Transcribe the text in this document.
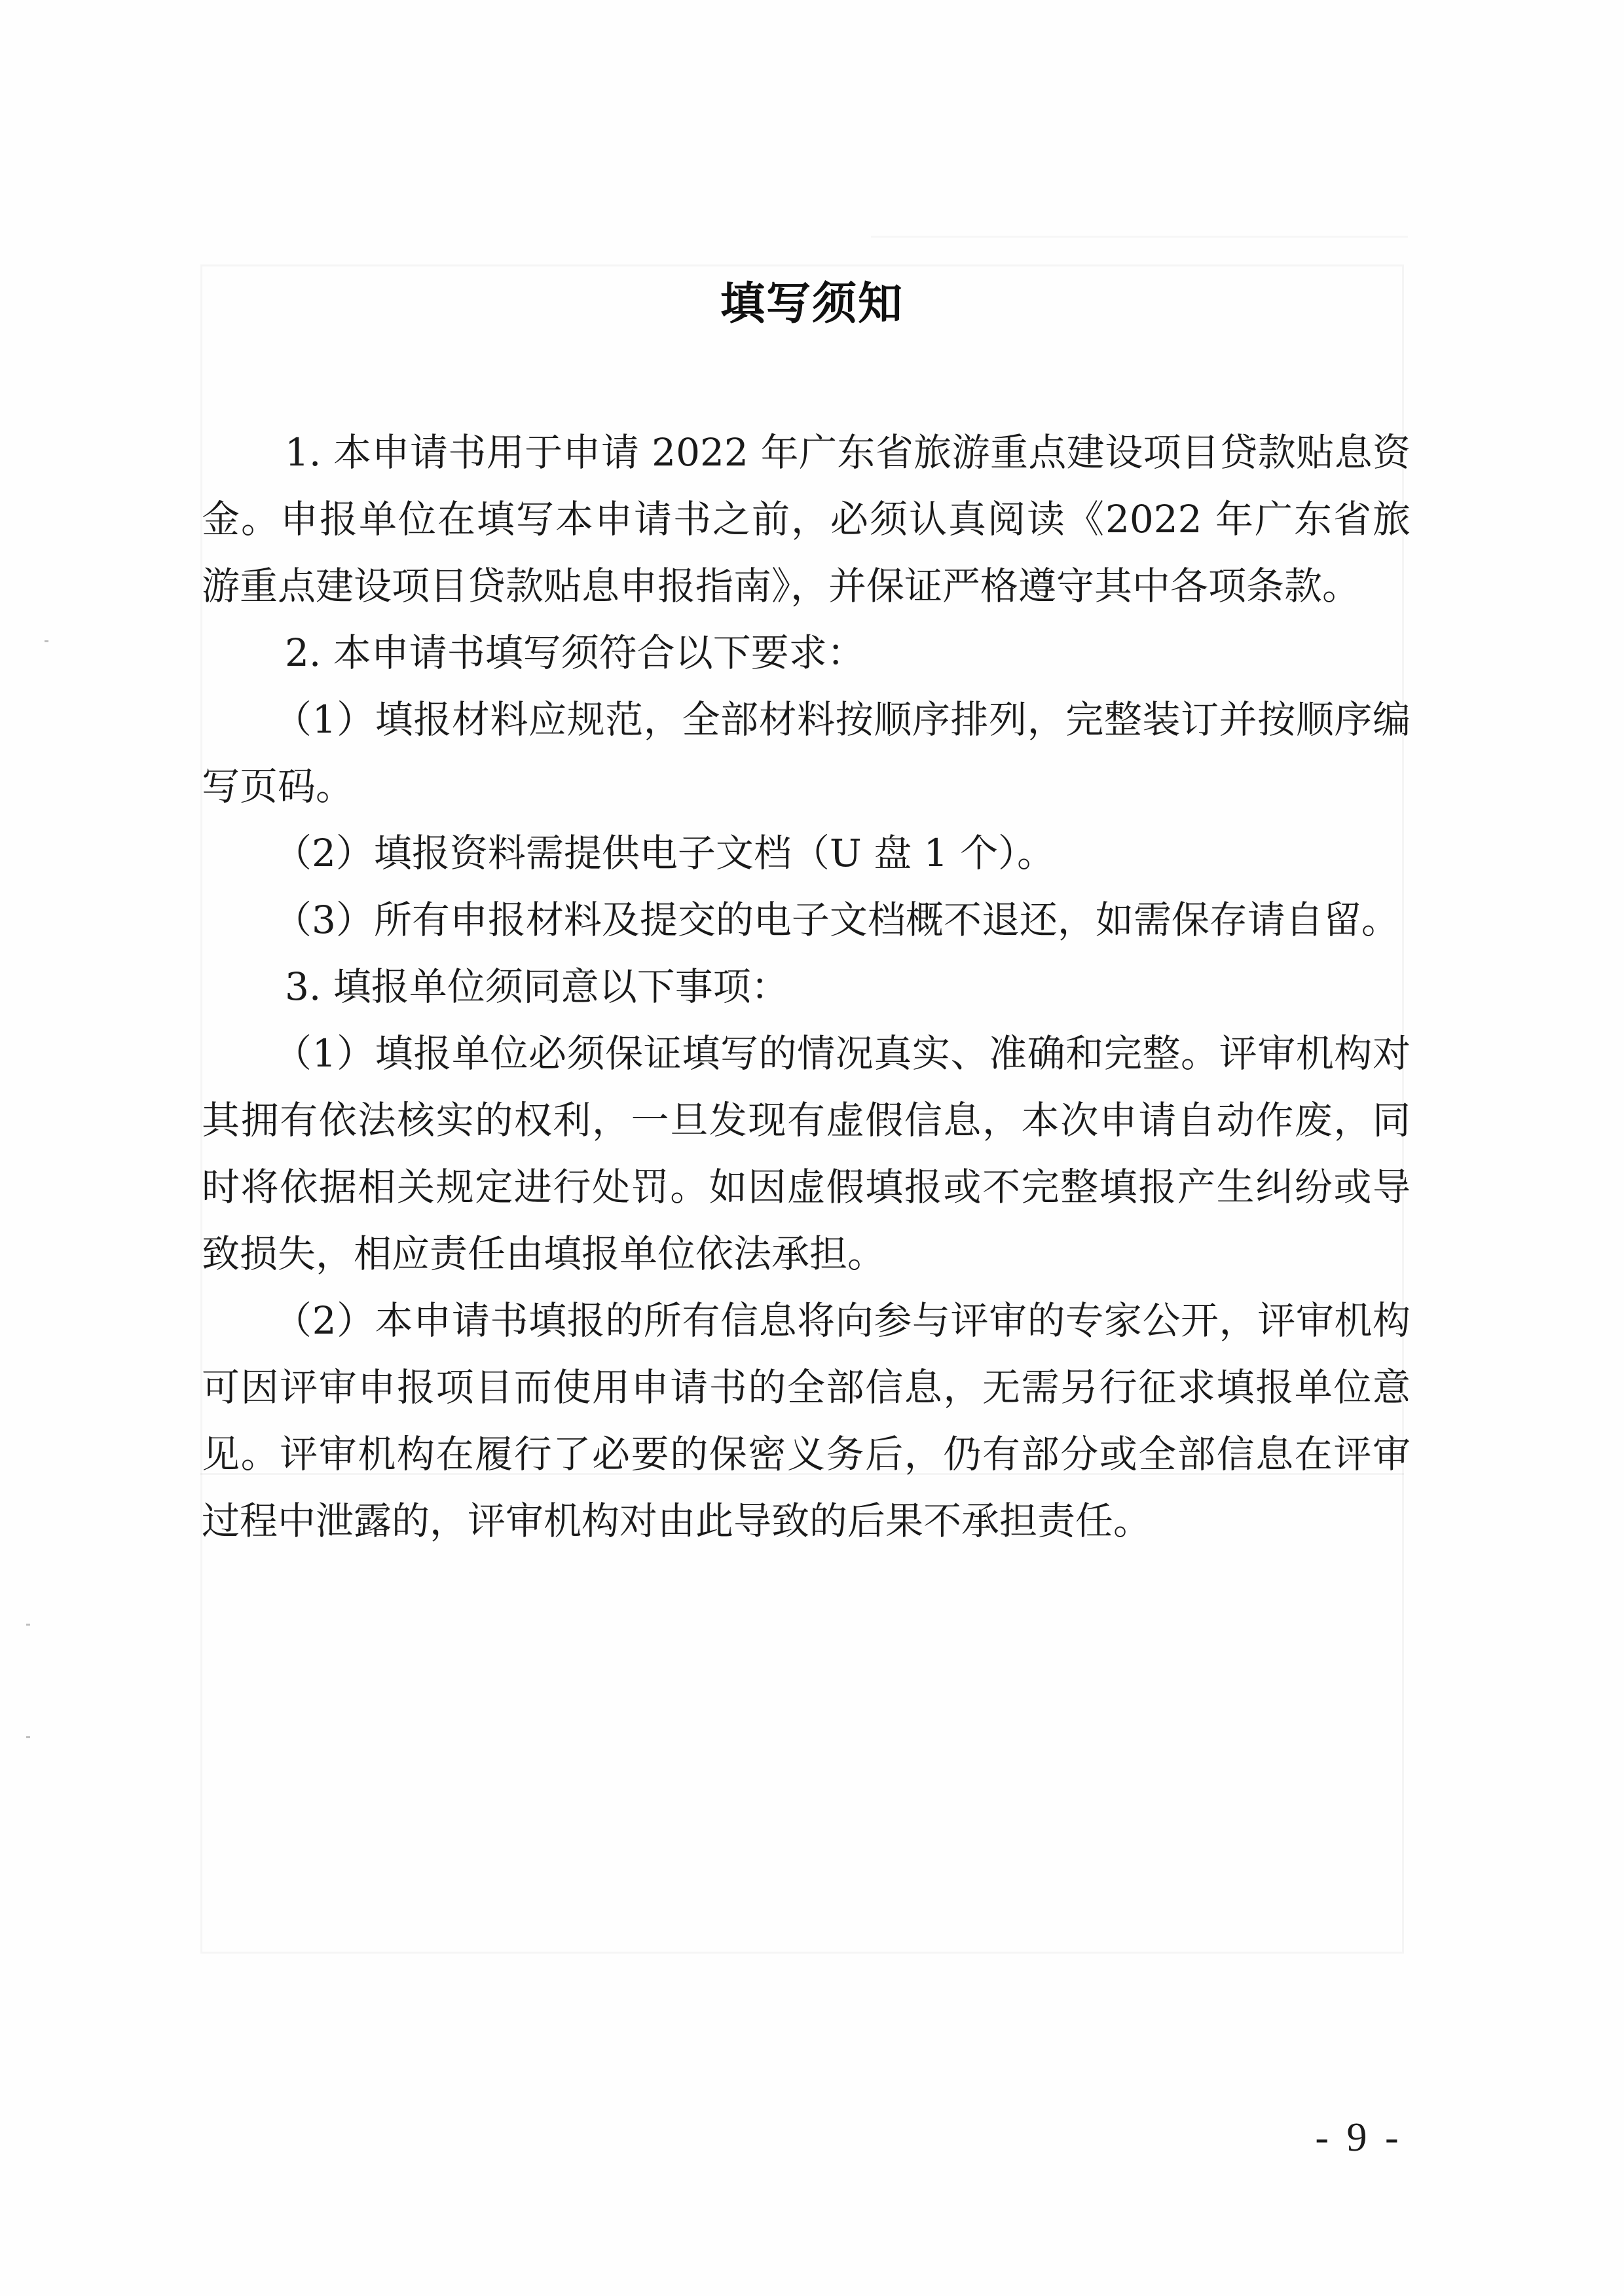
填写须知

1. 本申请书用于申请 2022 年广东省旅游重点建设项目贷款贴息资金。申报单位在填写本申请书之前，必须认真阅读《2022 年广东省旅游重点建设项目贷款贴息申报指南》，并保证严格遵守其中各项条款。

2. 本申请书填写须符合以下要求：

（1）填报材料应规范，全部材料按顺序排列，完整装订并按顺序编写页码。

（2）填报资料需提供电子文档（U 盘 1 个）。

（3）所有申报材料及提交的电子文档概不退还，如需保存请自留。

3. 填报单位须同意以下事项：

（1）填报单位必须保证填写的情况真实、准确和完整。评审机构对其拥有依法核实的权利，一旦发现有虚假信息，本次申请自动作废，同时将依据相关规定进行处罚。如因虚假填报或不完整填报产生纠纷或导致损失，相应责任由填报单位依法承担。

（2）本申请书填报的所有信息将向参与评审的专家公开，评审机构可因评审申报项目而使用申请书的全部信息，无需另行征求填报单位意见。评审机构在履行了必要的保密义务后，仍有部分或全部信息在评审过程中泄露的，评审机构对由此导致的后果不承担责任。

- 9 -
